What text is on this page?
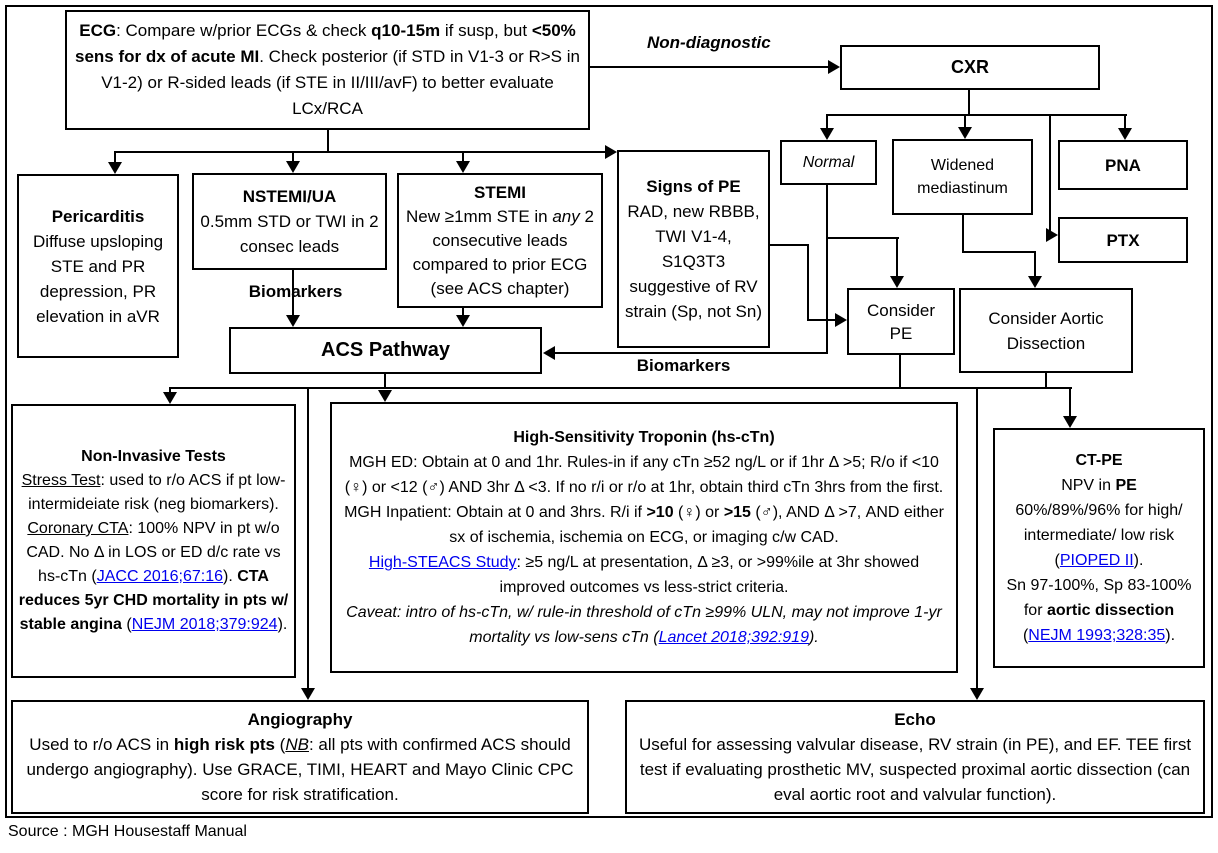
Non-diagnostic
Biomarkers
Biomarkers
ECG: Compare w/prior ECGs & check q10-15m if susp, but <50% sens for dx of acute MI. Check posterior (if STD in V1-3 or R>S in V1-2) or R-sided leads (if STE in II/III/avF) to better evaluate LCx/RCA
CXR
Pericarditis
Diffuse upsloping STE and PR depression, PR elevation in aVR
NSTEMI/UA
0.5mm STD or TWI in 2 consec leads
STEMI
New ≥1mm STE in any 2 consecutive leads compared to prior ECG (see ACS chapter)
Signs of PE
RAD, new RBBB, TWI V1-4, S1Q3T3 suggestive of RV strain (Sp, not Sn)
Normal	Widened mediastinum
PNA
PTX
Consider PE
Consider Aortic Dissection
ACS Pathway
Non-Invasive Tests
Stress Test: used to r/o ACS if pt low-intermideiate risk (neg biomarkers).
Coronary CTA: 100% NPV in pt w/o CAD. No Δ in LOS or ED d/c rate vs hs-cTn (JACC 2016;67:16). CTA reduces 5yr CHD mortality in pts w/ stable angina (NEJM 2018;379:924).
High-Sensitivity Troponin (hs-cTn)
MGH ED: Obtain at 0 and 1hr. Rules-in if any cTn ≥52 ng/L or if 1hr Δ >5; R/o if <10 (♀) or <12 (♂) AND 3hr Δ <3. If no r/i or r/o at 1hr, obtain third cTn 3hrs from the first.
MGH Inpatient: Obtain at 0 and 3hrs. R/i if >10 (♀) or >15 (♂), AND Δ >7, AND either sx of ischemia, ischemia on ECG, or imaging c/w CAD.
High-STEACS Study: ≥5 ng/L at presentation, Δ ≥3, or >99%ile at 3hr showed improved outcomes vs less-strict criteria.
Caveat: intro of hs-cTn, w/ rule-in threshold of cTn ≥99% ULN, may not improve 1-yr mortality vs low-sens cTn (Lancet 2018;392:919).
CT-PE
NPV in PE
60%/89%/96% for high/ intermediate/ low risk (PIOPED II).
Sn 97-100%, Sp 83-100% for aortic dissection (NEJM 1993;328:35).
Angiography
Used to r/o ACS in high risk pts (NB: all pts with confirmed ACS should undergo angiography). Use GRACE, TIMI, HEART and Mayo Clinic CPC score for risk stratification.
Echo
Useful for assessing valvular disease, RV strain (in PE), and EF. TEE first test if evaluating prosthetic MV, suspected proximal aortic dissection (can eval aortic root and valvular function).
Source : MGH Housestaff Manual
